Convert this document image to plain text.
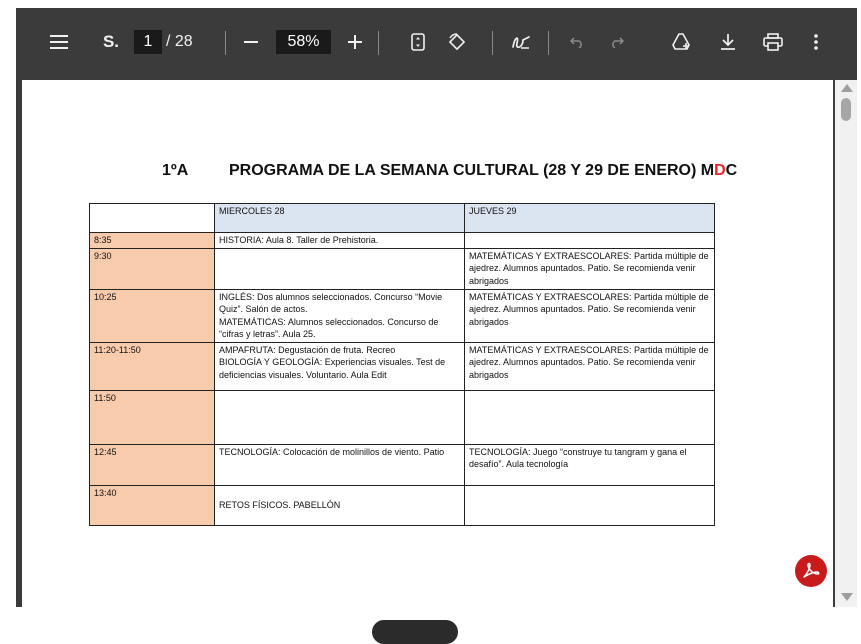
S.	1 / 28	58%
1ºA	PROGRAMA DE LA SEMANA CULTURAL (28 Y 29 DE ENERO) MDC
	MIERCOLES 28	JUEVES 29
8:35	HISTORIA: Aula 8. Taller de Prehistoria.	
9:30		MATEMÁTICAS Y EXTRAESCOLARES: Partida múltiple de ajedrez. Alumnos apuntados. Patio. Se recomienda venir abrigados
10:25	INGLÉS: Dos alumnos seleccionados. Concurso “Movie Quiz”. Salón de actos.
MATEMÁTICAS: Alumnos seleccionados. Concurso de “cifras y letras”. Aula 25.	MATEMÁTICAS Y EXTRAESCOLARES: Partida múltiple de ajedrez. Alumnos apuntados. Patio. Se recomienda venir abrigados
11:20-11:50	AMPAFRUTA: Degustación de fruta. Recreo
BIOLOGÍA Y GEOLOGÍA: Experiencias visuales. Test de deficiencias visuales. Voluntario. Aula Edit	MATEMÁTICAS Y EXTRAESCOLARES: Partida múltiple de ajedrez. Alumnos apuntados. Patio. Se recomienda venir abrigados
11:50		
12:45	TECNOLOGÍA: Colocación de molinillos de viento. Patio	TECNOLOGÍA: Juego “construye tu tangram y gana el desafío”. Aula tecnología
13:40	RETOS FÍSICOS. PABELLÓN	
